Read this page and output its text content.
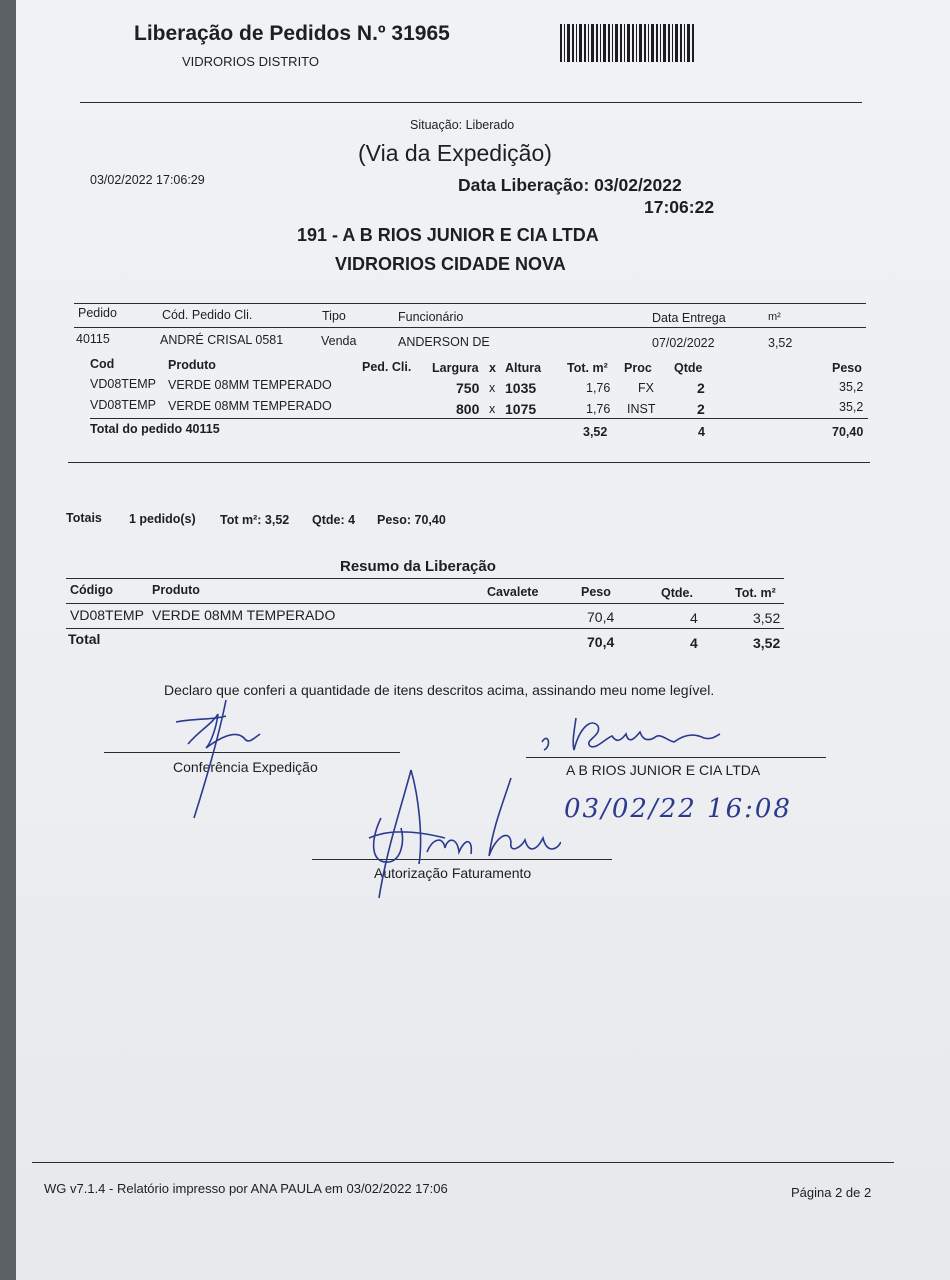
Liberação de Pedidos N.º 31965
VIDRORIOS DISTRITO
Situação: Liberado
(Via da Expedição)
03/02/2022 17:06:29	Data Liberação: 03/02/2022
17:06:22
191 - A B RIOS JUNIOR E CIA LTDA
VIDRORIOS CIDADE NOVA
Pedido	Cód. Pedido Cli.	Tipo	Funcionário	Data Entrega	m²
40115	ANDRÉ CRISAL 0581	Venda	ANDERSON DE	07/02/2022	3,52
Cod	Produto	Ped. Cli. Largura x Altura Tot. m² Proc Qtde	Peso
VD08TEMP VERDE 08MM TEMPERADO	750 x 1035	1,76 FX	2	35,2
VD08TEMP VERDE 08MM TEMPERADO	800 x 1075	1,76 INST	2	35,2
Total do pedido 40115	3,52	4	70,40
Totais 1 pedido(s) Tot m²: 3,52 Qtde: 4 Peso: 70,40
Resumo da Liberação
Código	Produto	Cavalete	Peso	Qtde.	Tot. m²
VD08TEMP VERDE 08MM TEMPERADO	70,4	4	3,52
Total	70,4	4	3,52
Declaro que conferi a quantidade de itens descritos acima, assinando meu nome legível.
Conferência Expedição	A B RIOS JUNIOR E CIA LTDA
Autorização Faturamento
03/02/22 16:08
WG v7.1.4 - Relatório impresso por ANA PAULA em 03/02/2022 17:06	Página 2 de 2
